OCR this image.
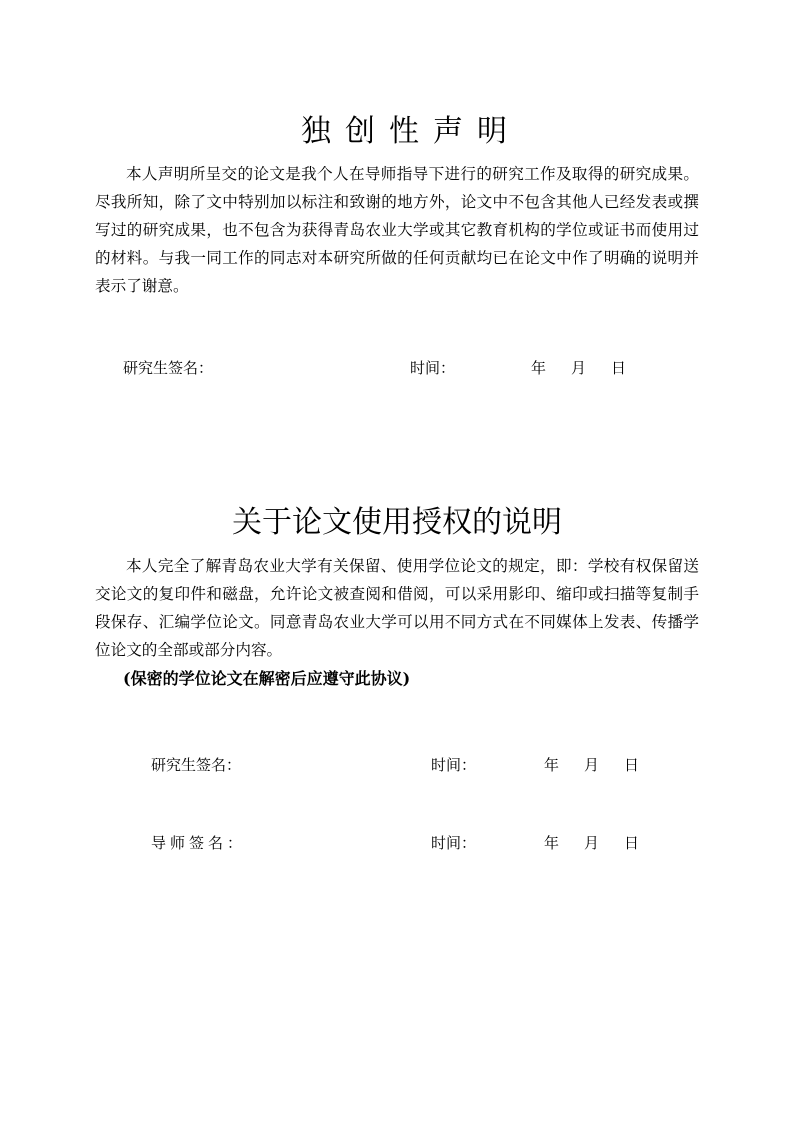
独创性声明

本人声明所呈交的论文是我个人在导师指导下进行的研究工作及取得的研究成果。尽我所知，除了文中特别加以标注和致谢的地方外，论文中不包含其他人已经发表或撰写过的研究成果，也不包含为获得青岛农业大学或其它教育机构的学位或证书而使用过的材料。与我一同工作的同志对本研究所做的任何贡献均已在论文中作了明确的说明并表示了谢意。

研究生签名：	时间：	年 月 日
关于论文使用授权的说明

本人完全了解青岛农业大学有关保留、使用学位论文的规定，即：学校有权保留送交论文的复印件和磁盘，允许论文被查阅和借阅，可以采用影印、缩印或扫描等复制手段保存、汇编学位论文。同意青岛农业大学可以用不同方式在不同媒体上发表、传播学位论文的全部或部分内容。

(保密的学位论文在解密后应遵守此协议)
研究生签名：	时间：	年 月 日
导师签名：	时间：	年 月 日
